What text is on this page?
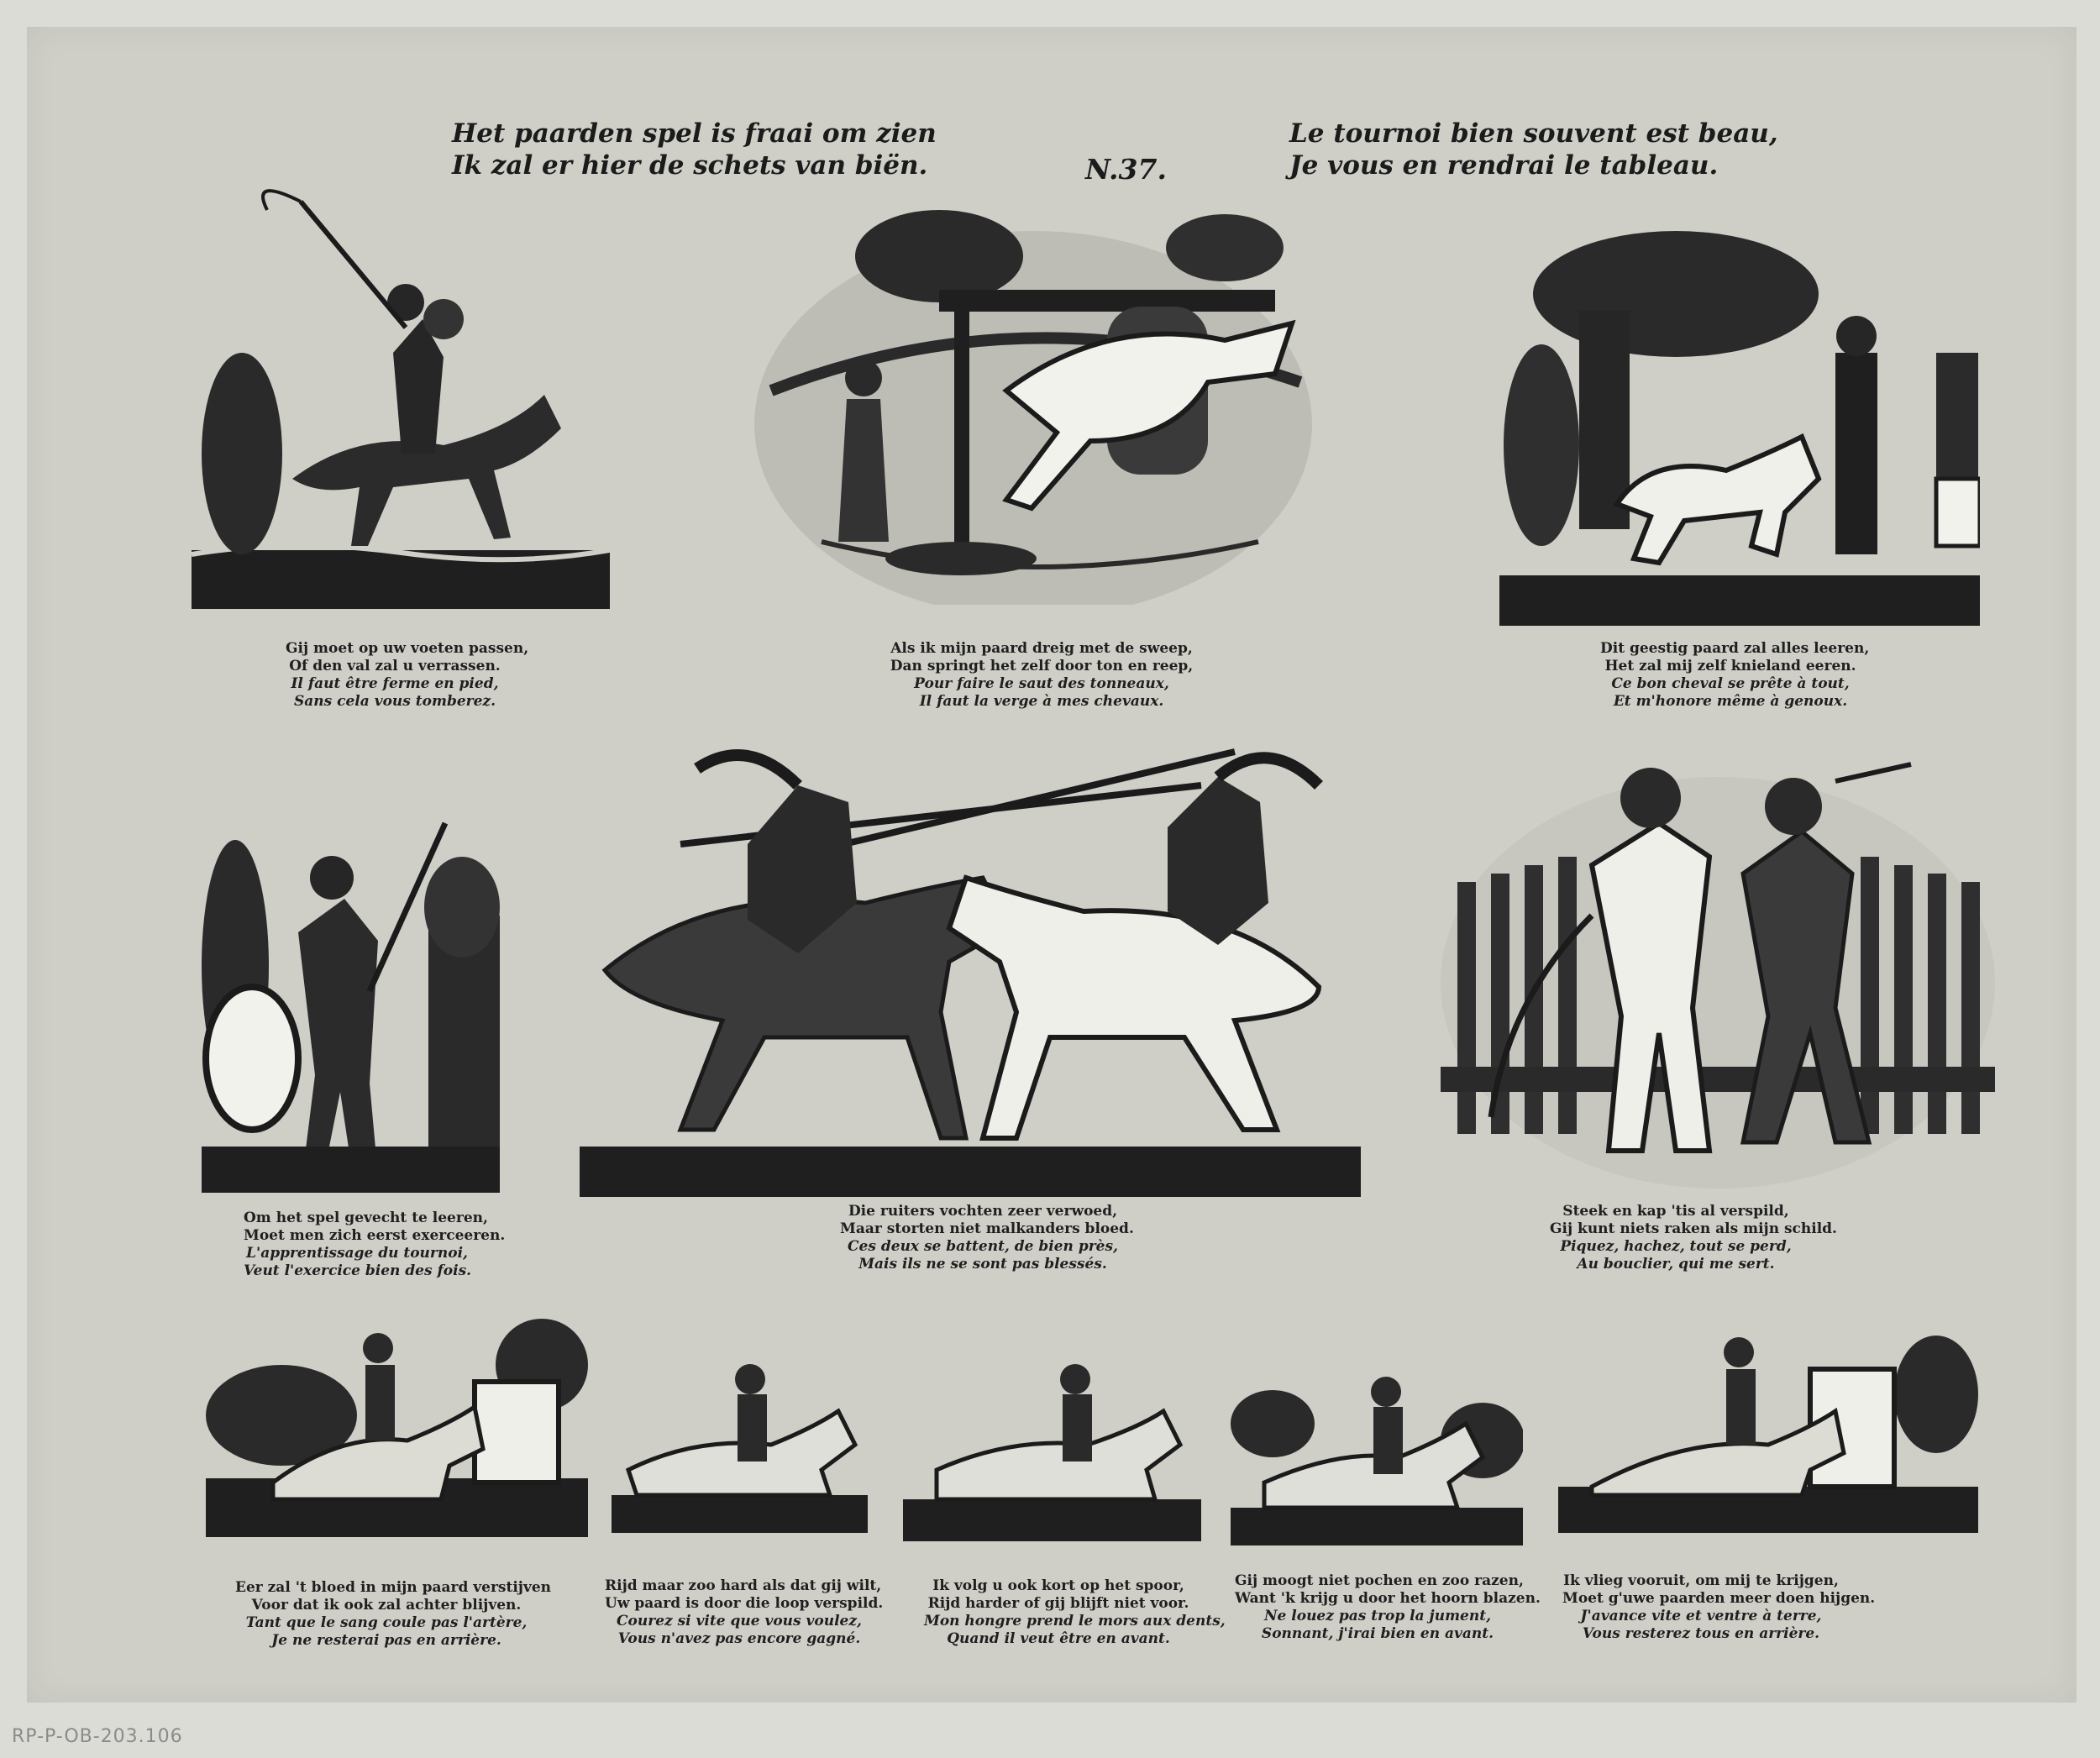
Het paarden spel is fraai om zien
Ik zal er hier de schets van biën.	N.37.
Le tournoi bien souvent est beau,
Je vous en rendrai le tableau.
Gij moet op uw voeten passen,
Of den val zal u verrassen.
Il faut être ferme en pied,
Sans cela vous tomberez.
Als ik mijn paard dreig met de sweep,
Dan springt het zelf door ton en reep,
Pour faire le saut des tonneaux,
Il faut la verge à mes chevaux.
Dit geestig paard zal alles leeren,
Het zal mij zelf knieland eeren.
Ce bon cheval se prête à tout,
Et m'honore même à genoux.
Om het spel gevecht te leeren,
Moet men zich eerst exerceeren.
L'apprentissage du tournoi,
Veut l'exercice bien des fois.
Die ruiters vochten zeer verwoed,
Maar storten niet malkanders bloed.
Ces deux se battent, de bien près,
Mais ils ne se sont pas blessés.
Steek en kap 'tis al verspild,
Gij kunt niets raken als mijn schild.
Piquez, hachez, tout se perd,
Au bouclier, qui me sert.
Eer zal 't bloed in mijn paard verstijven
Voor dat ik ook zal achter blijven.
Tant que le sang coule pas l'artère,
Je ne resterai pas en arrière.
Rijd maar zoo hard als dat gij wilt,
Uw paard is door die loop verspild.
Courez si vite que vous voulez,
Vous n'avez pas encore gagné.
Ik volg u ook kort op het spoor,
Rijd harder of gij blijft niet voor.
Mon hongre prend le mors aux dents,
Quand il veut être en avant.
Gij moogt niet pochen en zoo razen,
Want 'k krijg u door het hoorn blazen.
Ne louez pas trop la jument,
Sonnant, j'irai bien en avant.
Ik vlieg vooruit, om mij te krijgen,
Moet g'uwe paarden meer doen hijgen.
J'avance vite et ventre à terre,
Vous resterez tous en arrière.
RP-P-OB-203.106
